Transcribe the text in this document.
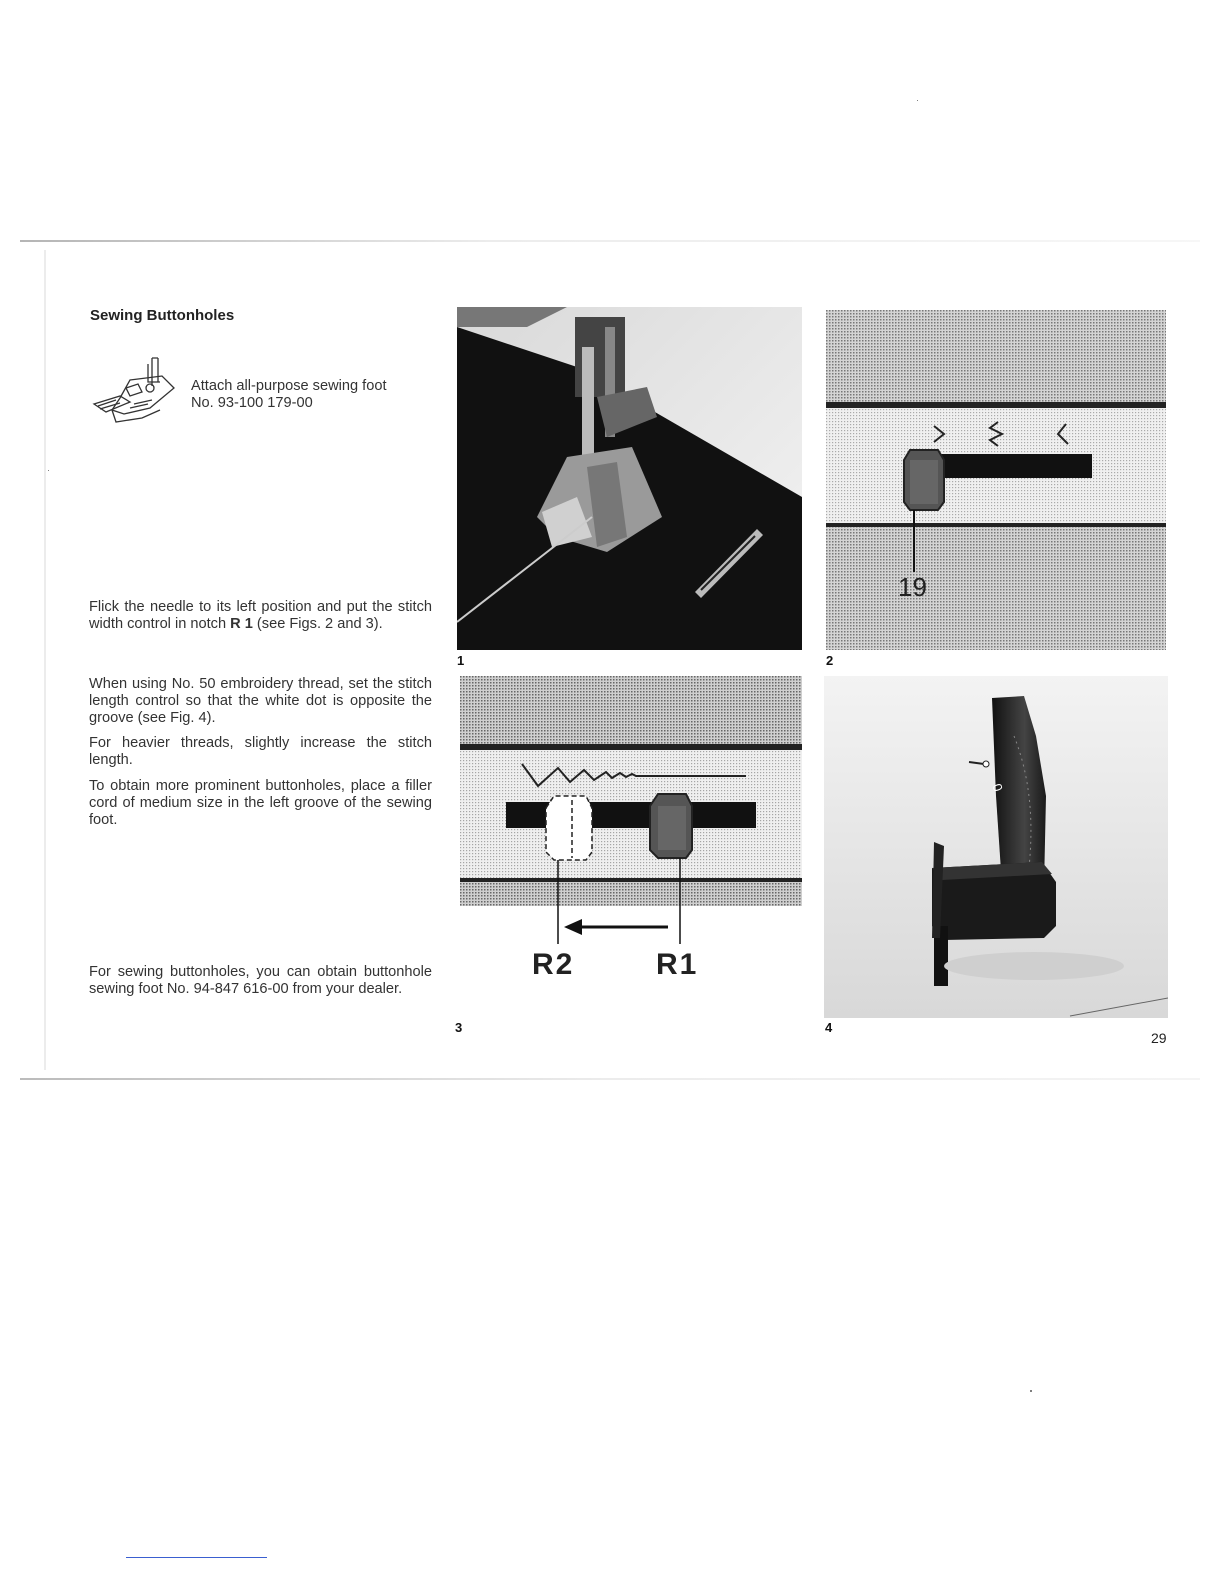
Sewing Buttonholes
Attach all-purpose sewing foot
No. 93-100 179-00
Flick the needle to its left position and put the stitch width control in notch R 1 (see Figs. 2 and 3).
When using No. 50 embroidery thread, set the stitch length control so that the white dot is opposite the groove (see Fig. 4).
For heavier threads, slightly increase the stitch length.
To obtain more prominent buttonholes, place a filler cord of medium size in the left groove of the sewing foot.
For sewing buttonholes, you can obtain buttonhole sewing foot No. 94-847 616-00 from your dealer.
1
19
2
R2	R1
3
0
4
29
